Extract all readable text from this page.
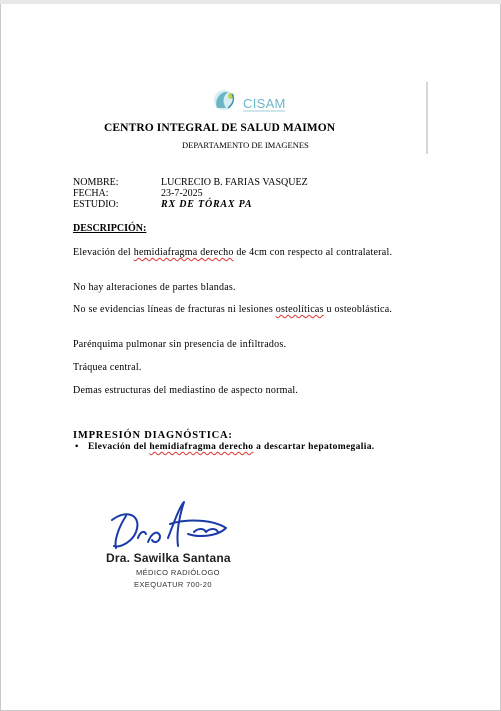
CISAM
CENTRO INTEGRAL DE SALUD MAIMON
DEPARTAMENTO DE IMAGENES
NOMBRE:	LUCRECIO B. FARIAS VASQUEZ
FECHA:	23-7-2025
ESTUDIO:	RX DE TÓRAX PA
DESCRIPCIÓN:
Elevación del hemidiafragma derecho de 4cm con respecto al contralateral.
No hay alteraciones de partes blandas.
No se evidencias líneas de fracturas ni lesiones osteolíticas u osteoblástica.
Parénquima pulmonar sin presencia de infiltrados.
Tráquea central.
Demas estructuras del mediastino de aspecto normal.
IMPRESIÓN DIAGNÓSTICA:
• Elevación del hemidiafragma derecho a descartar hepatomegalia.
Dra. Sawilka Santana
MÉDICO RADIÓLOGO
EXEQUATUR 700-20
